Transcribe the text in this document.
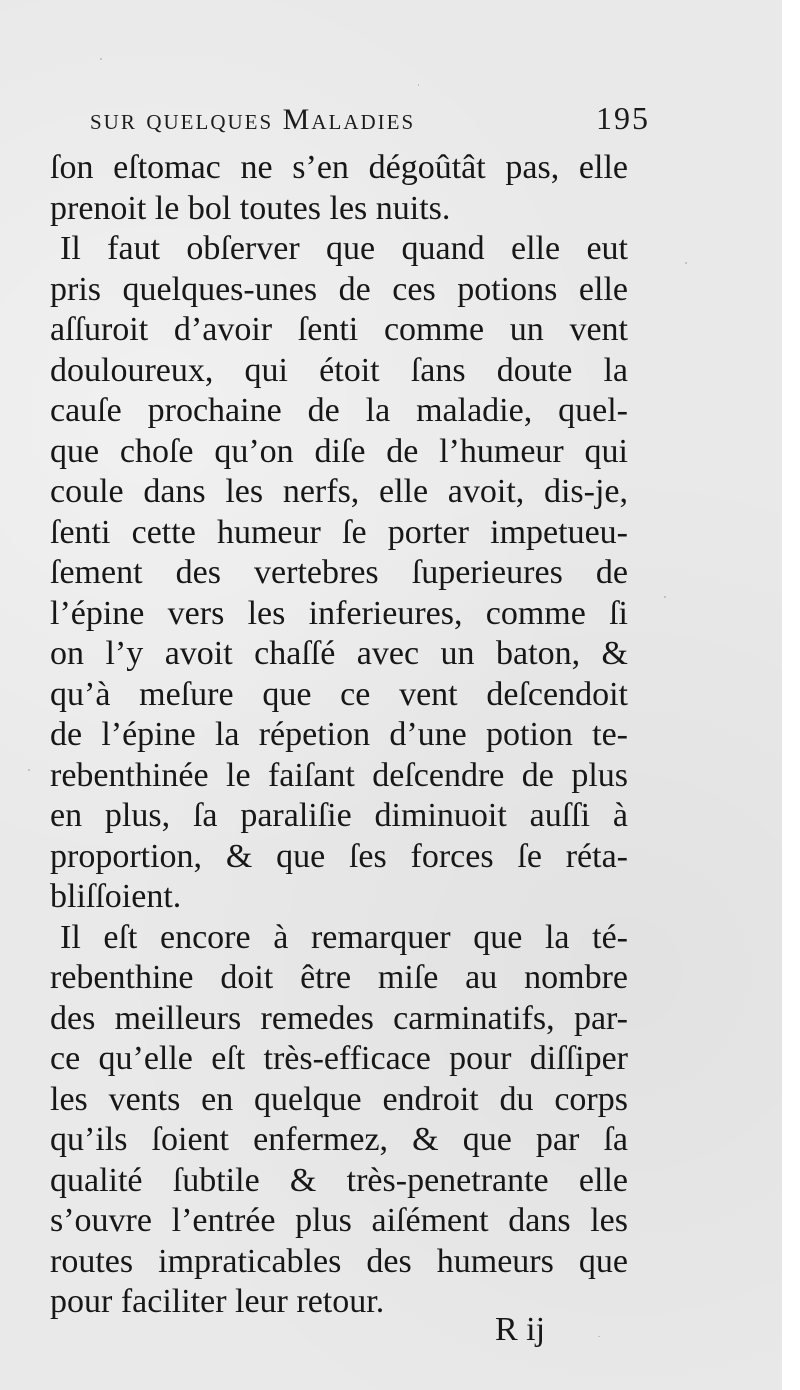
sur quelques Maladies	195
ſon eſtomac ne s’en dégoûtât pas, elle
prenoit le bol toutes les nuits.
Il faut obſerver que quand elle eut
pris quelques-unes de ces potions elle
aſſuroit d’avoir ſenti comme un vent
douloureux, qui étoit ſans doute la
cauſe prochaine de la maladie, quel-
que choſe qu’on diſe de l’humeur qui
coule dans les nerfs, elle avoit, dis-je,
ſenti cette humeur ſe porter impetueu-
ſement des vertebres ſuperieures de
l’épine vers les inferieures, comme ſi
on l’y avoit chaſſé avec un baton, &
qu’à meſure que ce vent deſcendoit
de l’épine la répetion d’une potion te-
rebenthinée le faiſant deſcendre de plus
en plus, ſa paraliſie diminuoit auſſi à
proportion, & que ſes forces ſe réta-
bliſſoient.
Il eſt encore à remarquer que la té-
rebenthine doit être miſe au nombre
des meilleurs remedes carminatifs, par-
ce qu’elle eſt très-efficace pour diſſiper
les vents en quelque endroit du corps
qu’ils ſoient enfermez, & que par ſa
qualité ſubtile & très-penetrante elle
s’ouvre l’entrée plus aiſément dans les
routes impraticables des humeurs que
pour faciliter leur retour.
R ij
